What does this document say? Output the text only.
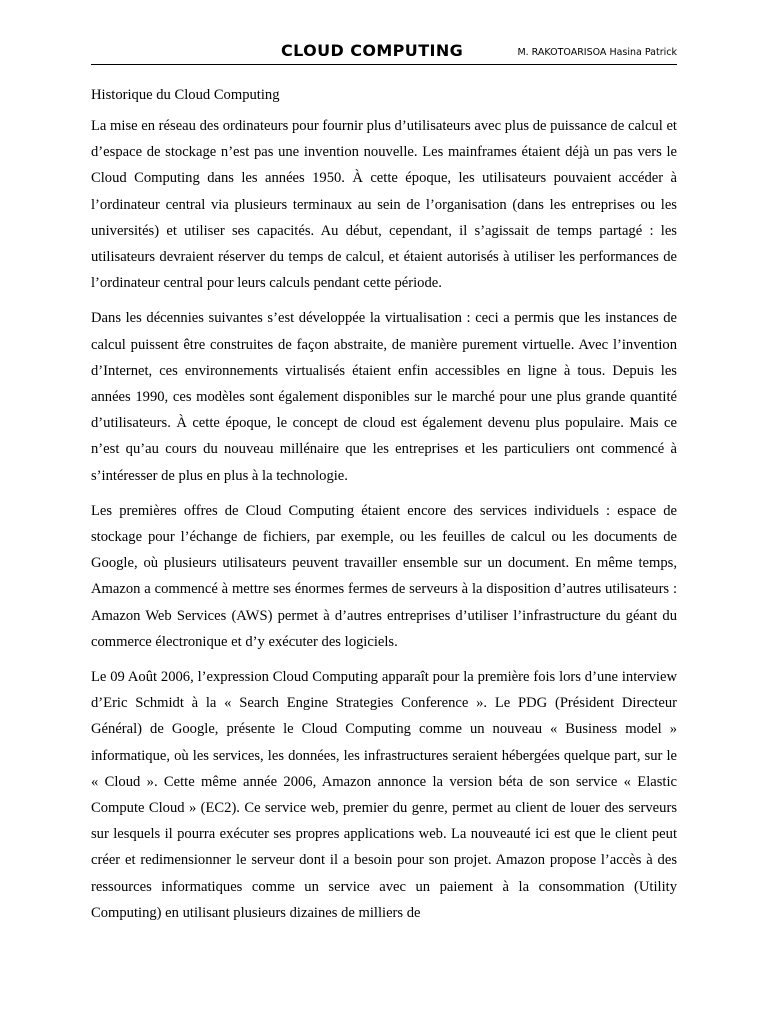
CLOUD COMPUTING	M. RAKOTOARISOA Hasina Patrick

Historique du Cloud Computing

La mise en réseau des ordinateurs pour fournir plus d’utilisateurs avec plus de puissance de calcul et d’espace de stockage n’est pas une invention nouvelle. Les mainframes étaient déjà un pas vers le Cloud Computing dans les années 1950. À cette époque, les utilisateurs pouvaient accéder à l’ordinateur central via plusieurs terminaux au sein de l’organisation (dans les entreprises ou les universités) et utiliser ses capacités. Au début, cependant, il s’agissait de temps partagé : les utilisateurs devraient réserver du temps de calcul, et étaient autorisés à utiliser les performances de l’ordinateur central pour leurs calculs pendant cette période.

Dans les décennies suivantes s’est développée la virtualisation : ceci a permis que les instances de calcul puissent être construites de façon abstraite, de manière purement virtuelle. Avec l’invention d’Internet, ces environnements virtualisés étaient enfin accessibles en ligne à tous. Depuis les années 1990, ces modèles sont également disponibles sur le marché pour une plus grande quantité d’utilisateurs. À cette époque, le concept de cloud est également devenu plus populaire. Mais ce n’est qu’au cours du nouveau millénaire que les entreprises et les particuliers ont commencé à s’intéresser de plus en plus à la technologie.

Les premières offres de Cloud Computing étaient encore des services individuels : espace de stockage pour l’échange de fichiers, par exemple, ou les feuilles de calcul ou les documents de Google, où plusieurs utilisateurs peuvent travailler ensemble sur un document. En même temps, Amazon a commencé à mettre ses énormes fermes de serveurs à la disposition d’autres utilisateurs : Amazon Web Services (AWS) permet à d’autres entreprises d’utiliser l’infrastructure du géant du commerce électronique et d’y exécuter des logiciels.

Le 09 Août 2006, l’expression Cloud Computing apparaît pour la première fois lors d’une interview d’Eric Schmidt à la « Search Engine Strategies Conference ». Le PDG (Président Directeur Général) de Google, présente le Cloud Computing comme un nouveau « Business model » informatique, où les services, les données, les infrastructures seraient hébergées quelque part, sur le « Cloud ». Cette même année 2006, Amazon annonce la version béta de son service « Elastic Compute Cloud » (EC2). Ce service web, premier du genre, permet au client de louer des serveurs sur lesquels il pourra exécuter ses propres applications web. La nouveauté ici est que le client peut créer et redimensionner le serveur dont il a besoin pour son projet. Amazon propose l’accès à des ressources informatiques comme un service avec un paiement à la consommation (Utility Computing) en utilisant plusieurs dizaines de milliers de
